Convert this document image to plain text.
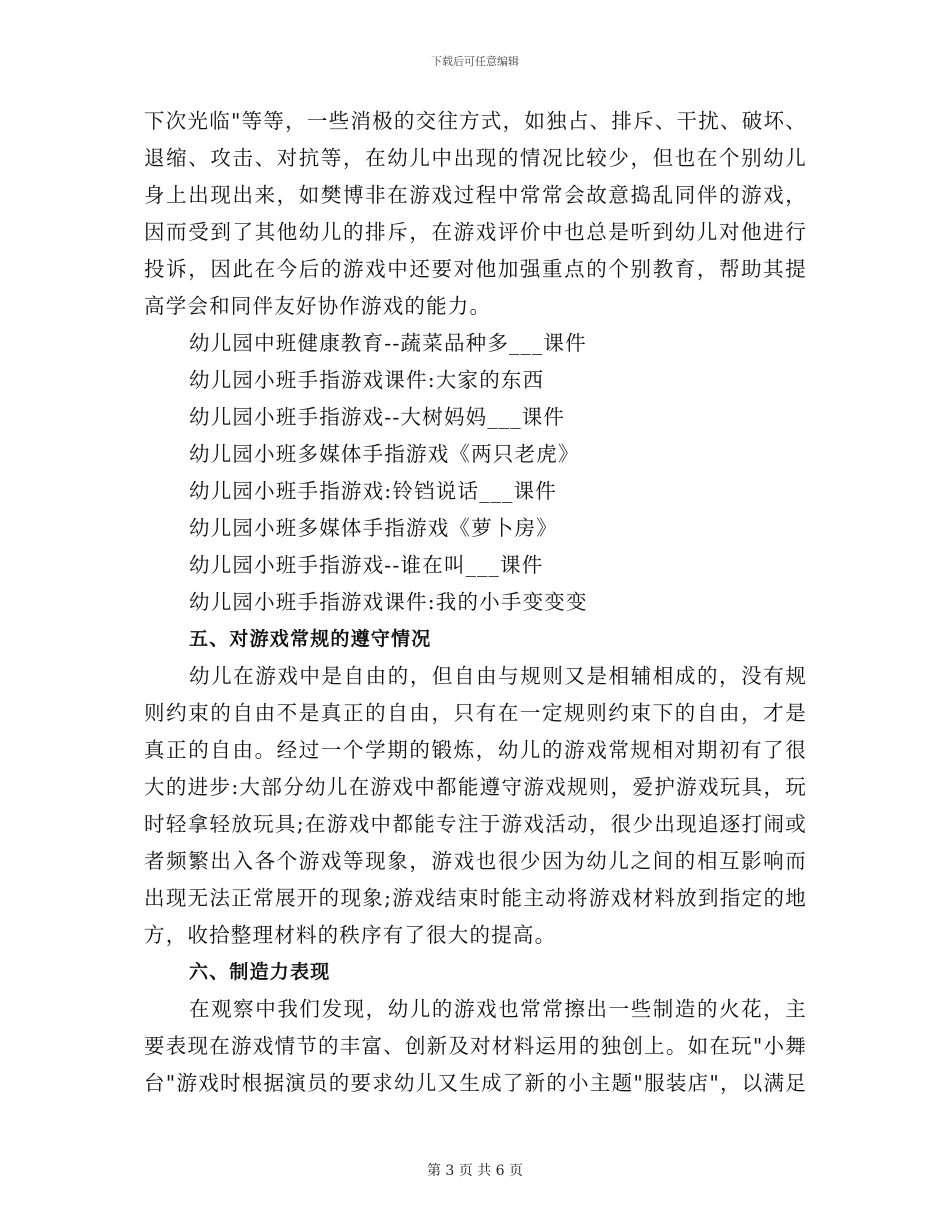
下载后可任意编辑
下次光临"等等，一些消极的交往方式，如独占、排斥、干扰、破坏、
退缩、攻击、对抗等，在幼儿中出现的情况比较少，但也在个别幼儿
身上出现出来，如樊博非在游戏过程中常常会故意捣乱同伴的游戏，
因而受到了其他幼儿的排斥，在游戏评价中也总是听到幼儿对他进行
投诉，因此在今后的游戏中还要对他加强重点的个别教育，帮助其提
高学会和同伴友好协作游戏的能力。
幼儿园中班健康教育--蔬菜品种多___课件
幼儿园小班手指游戏课件:大家的东西
幼儿园小班手指游戏--大树妈妈___课件
幼儿园小班多媒体手指游戏《两只老虎》
幼儿园小班手指游戏:铃铛说话___课件
幼儿园小班多媒体手指游戏《萝卜房》
幼儿园小班手指游戏--谁在叫___课件
幼儿园小班手指游戏课件:我的小手变变变
五、对游戏常规的遵守情况
幼儿在游戏中是自由的，但自由与规则又是相辅相成的，没有规
则约束的自由不是真正的自由，只有在一定规则约束下的自由，才是
真正的自由。经过一个学期的锻炼，幼儿的游戏常规相对期初有了很
大的进步:大部分幼儿在游戏中都能遵守游戏规则，爱护游戏玩具，玩
时轻拿轻放玩具;在游戏中都能专注于游戏活动，很少出现追逐打闹或
者频繁出入各个游戏等现象，游戏也很少因为幼儿之间的相互影响而
出现无法正常展开的现象;游戏结束时能主动将游戏材料放到指定的地
方，收拾整理材料的秩序有了很大的提高。
六、制造力表现
在观察中我们发现，幼儿的游戏也常常擦出一些制造的火花，主
要表现在游戏情节的丰富、创新及对材料运用的独创上。如在玩"小舞
台"游戏时根据演员的要求幼儿又生成了新的小主题"服装店"，以满足
第 3 页 共 6 页
